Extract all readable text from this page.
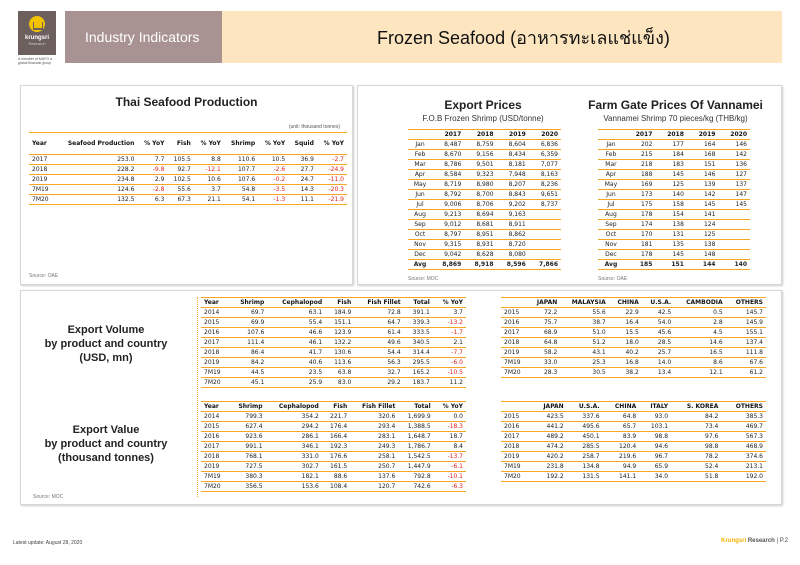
krungsri
Research
A member of MUFG a global financial group
Industry Indicators	Frozen Seafood (อาหารทะเลแช่แข็ง)
Thai Seafood Production
(unit: thousand tonnes)
Year	Seafood Production	% YoY	Fish	% YoY	Shrimp	% YoY	Squid	% YoY
2017	253.0	7.7	105.5	8.8	110.6	10.5	36.9	-2.7
2018	228.2	-9.8	92.7	-12.1	107.7	-2.6	27.7	-24.9
2019	234.8	2.9	102.5	10.6	107.6	-0.2	24.7	-11.0
7M19	124.6	-2.8	55.6	3.7	54.8	-3.5	14.3	-20.3
7M20	132.5	6.3	67.3	21.1	54.1	-1.3	11.1	-21.9
Source: OAE
Export Prices
F.O.B Frozen Shrimp (USD/tonne)
	2017	2018	2019	2020
Jan	8,487	8,759	8,604	6,836
Feb	8,670	9,156	8,434	6,359
Mar	8,786	9,501	8,181	7,077
Apr	8,584	9,323	7,948	8,163
May	8,719	8,980	8,207	8,236
Jun	8,792	8,700	8,843	9,651
Jul	9,006	8,706	9,202	8,737
Aug	9,213	8,694	9,163	
Sep	9,012	8,681	8,911	
Oct	8,797	8,951	8,862	
Nov	9,315	8,931	8,720	
Dec	9,042	8,628	8,080	
Avg	8,869	8,918	8,596	7,866
Source: MOC
Farm Gate Prices Of Vannamei
Vannamei Shrimp 70 pieces/kg (THB/kg)
	2017	2018	2019	2020
Jan	202	177	164	146
Feb	215	184	168	142
Mar	218	183	151	136
Apr	188	145	146	127
May	169	125	139	137
Jun	173	140	142	147
Jul	175	158	145	145
Aug	178	154	141	
Sep	174	138	124	
Oct	170	131	125	
Nov	181	135	138	
Dec	178	145	148	
Avg	185	151	144	140
Source: OAE
Export Volume
by product and country
(USD, mn)
Export Value
by product and country
(thousand tonnes)
Year	Shrimp	Cephalopod	Fish	Fish Fillet	Total	% YoY
2014	69.7	63.1	184.9	72.8	391.1	3.7
2015	69.9	55.4	151.1	64.7	339.3	-13.2
2016	107.6	46.6	123.9	61.4	333.5	-1.7
2017	111.4	46.1	132.2	49.6	340.5	2.1
2018	86.4	41.7	130.6	54.4	314.4	-7.7
2019	84.2	40.6	113.6	56.3	295.5	-6.0
7M19	44.5	23.5	63.8	32.7	165.2	-10.5
7M20	45.1	25.9	83.0	29.2	183.7	11.2
	JAPAN	MALAYSIA	CHINA	U.S.A.	CAMBODIA	OTHERS
2015	72.2	55.6	22.9	42.5	0.5	145.7
2016	75.7	38.7	16.4	54.0	2.8	145.9
2017	68.9	51.0	15.5	45.6	4.5	155.1
2018	64.8	51.2	18.0	28.5	14.6	137.4
2019	58.2	43.1	40.2	25.7	16.5	111.8
7M19	33.0	25.3	16.8	14.0	8.6	67.6
7M20	28.3	30.5	38.2	13.4	12.1	61.2
Year	Shrimp	Cephalopod	Fish	Fish Fillet	Total	% YoY
2014	799.3	354.2	221.7	320.6	1,699.9	0.0
2015	627.4	294.2	176.4	293.4	1,388.5	-18.3
2016	923.6	286.1	166.4	283.1	1,648.7	18.7
2017	991.1	346.1	192.3	249.3	1,786.7	8.4
2018	768.1	331.0	176.6	258.1	1,542.5	-13.7
2019	727.5	302.7	161.5	250.7	1,447.9	-6.1
7M19	380.3	182.1	88.6	137.6	792.8	-10.1
7M20	356.5	153.6	108.4	120.7	742.6	-6.3
	JAPAN	U.S.A.	CHINA	ITALY	S. KOREA	OTHERS
2015	423.5	337.6	64.8	93.0	84.2	385.3
2016	441.2	495.6	65.7	103.1	73.4	469.7
2017	489.2	450.1	83.9	98.8	97.6	567.3
2018	474.2	285.5	120.4	94.6	98.8	468.9
2019	420.2	258.7	219.6	96.7	78.2	374.6
7M19	231.8	134.8	94.9	65.9	52.4	213.1
7M20	192.2	131.5	141.1	34.0	51.8	192.0
Source: MOC
Latest update: August 28, 2020	Krungsri Research | P.2
